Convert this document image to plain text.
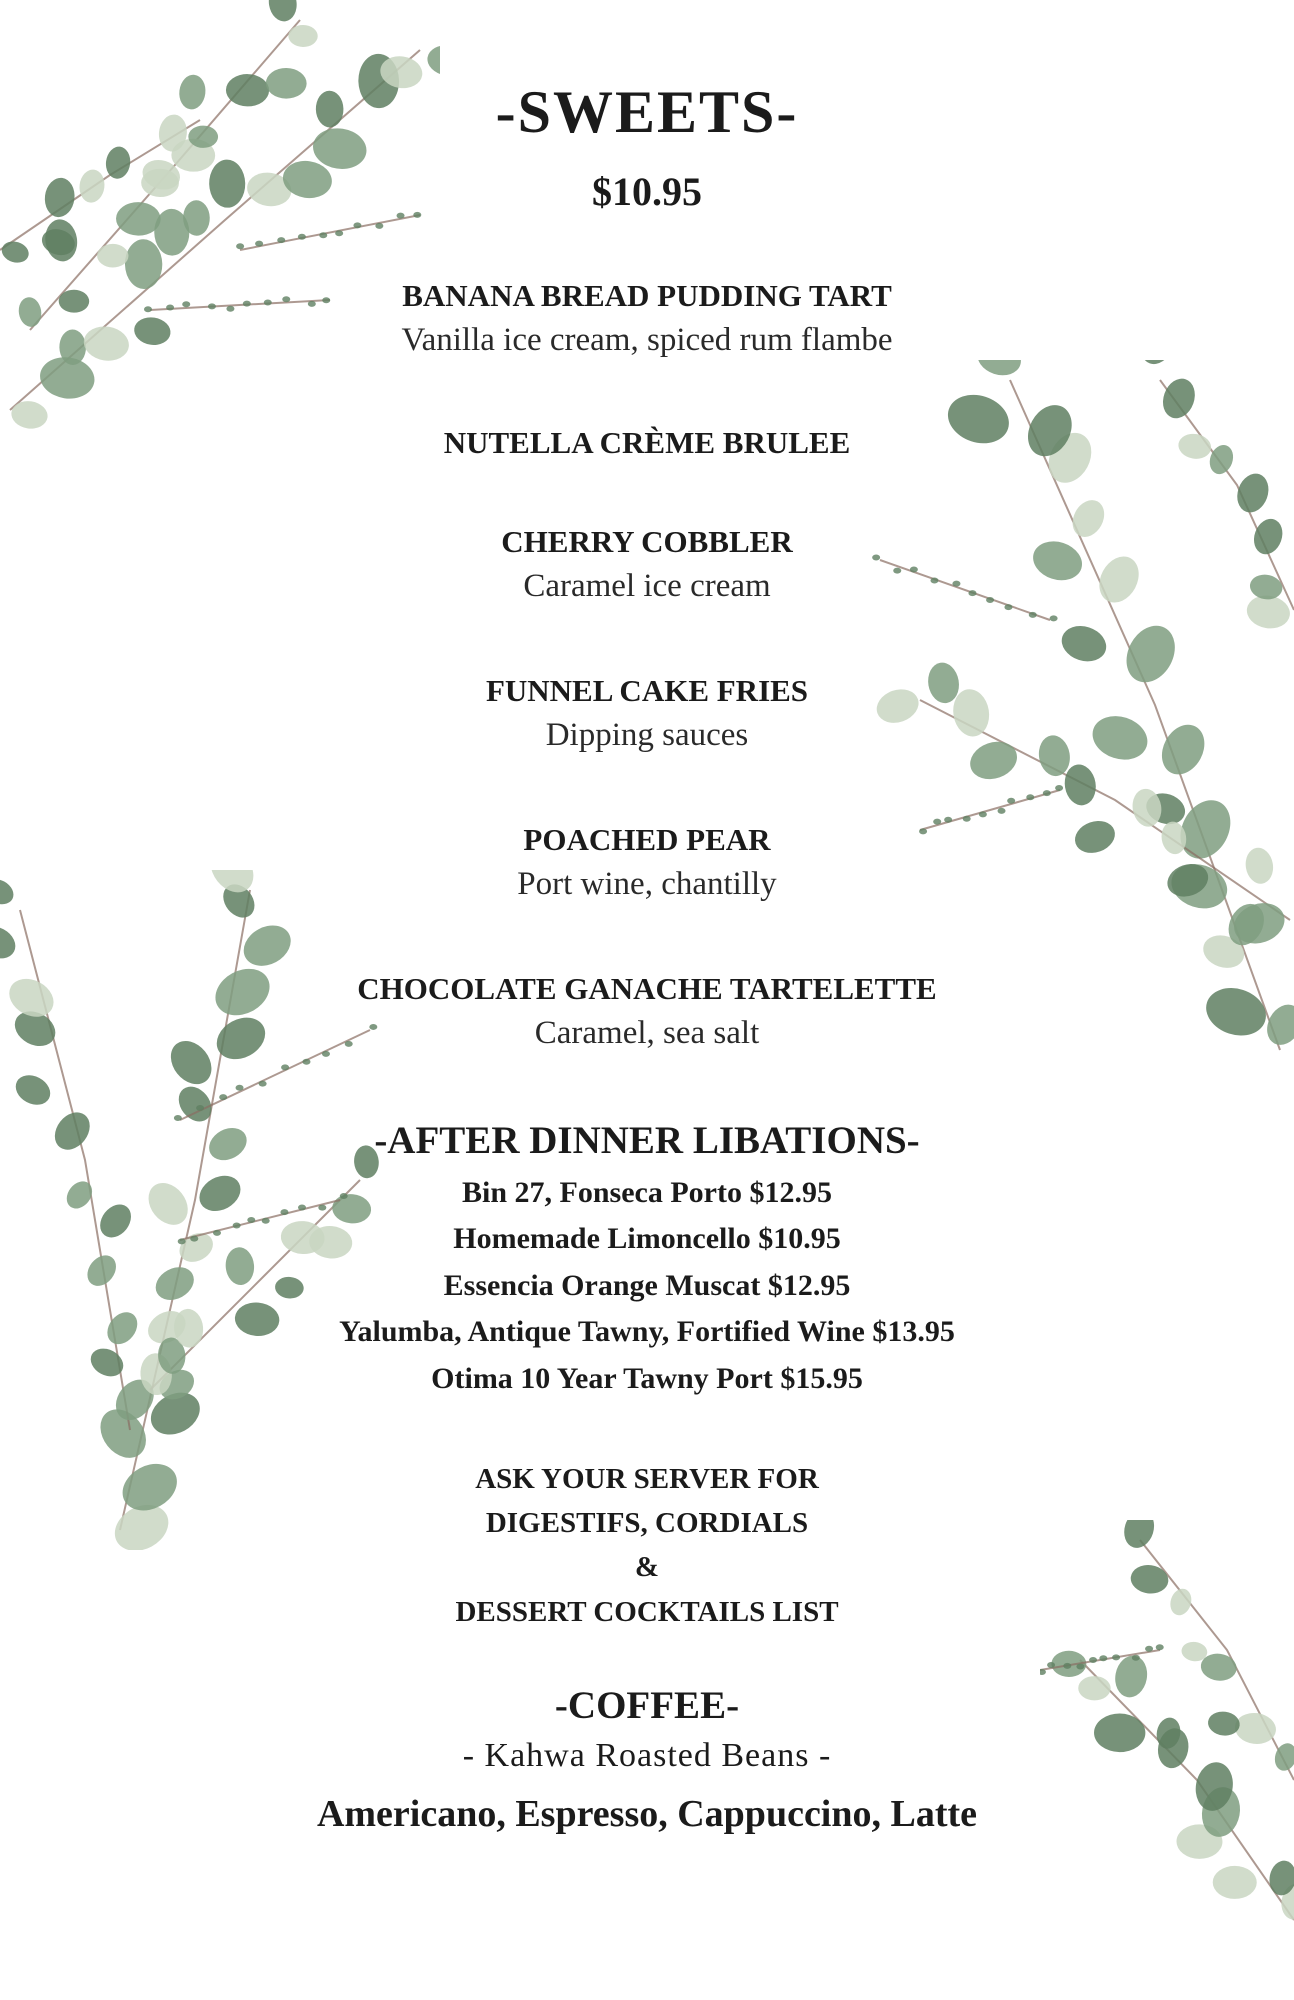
-SWEETS-

$10.95

BANANA BREAD PUDDING TART

Vanilla ice cream, spiced rum flambe

NUTELLA CRÈME BRULEE

CHERRY COBBLER

Caramel ice cream

FUNNEL CAKE FRIES

Dipping sauces

POACHED PEAR

Port wine, chantilly

CHOCOLATE GANACHE TARTELETTE

Caramel, sea salt

-AFTER DINNER LIBATIONS-

Bin 27, Fonseca Porto $12.95

Homemade Limoncello $10.95

Essencia Orange Muscat $12.95

Yalumba, Antique Tawny, Fortified Wine $13.95

Otima 10 Year Tawny Port $15.95

ASK YOUR SERVER FOR

DIGESTIFS, CORDIALS

&

DESSERT COCKTAILS LIST

-COFFEE-

- Kahwa Roasted Beans -

Americano, Espresso, Cappuccino, Latte
